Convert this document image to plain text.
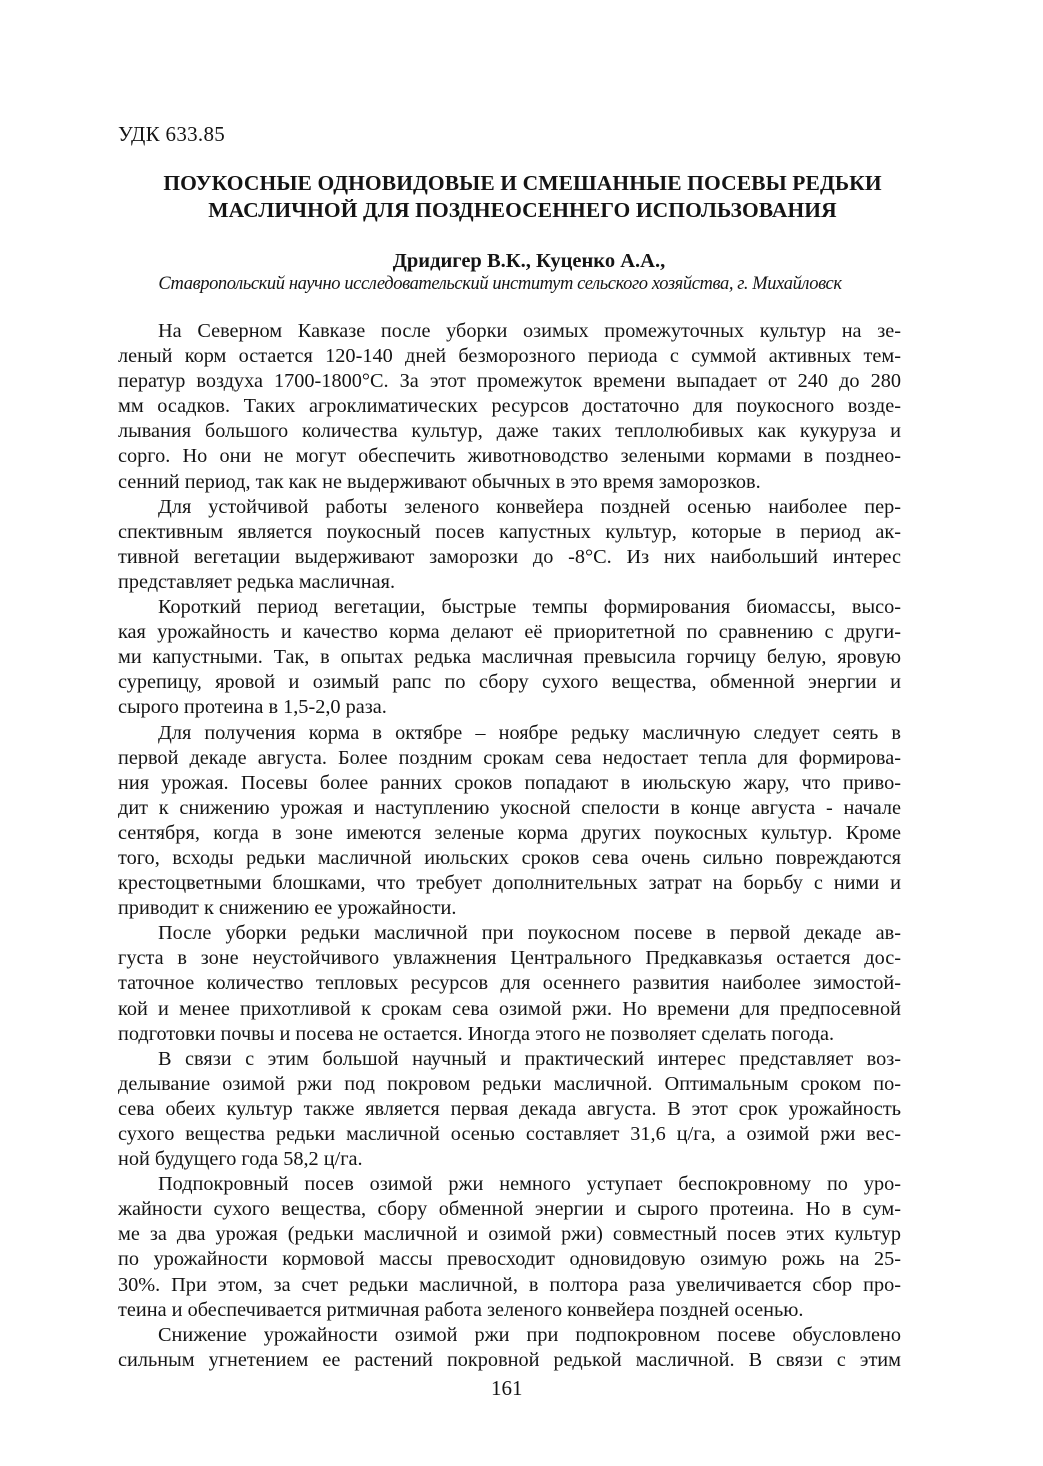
УДК 633.85
ПОУКОСНЫЕ ОДНОВИДОВЫЕ И СМЕШАННЫЕ ПОСЕВЫ РЕДЬКИ
МАСЛИЧНОЙ ДЛЯ ПОЗДНЕОСЕННЕГО ИСПОЛЬЗОВАНИЯ
Дридигер В.К., Куценко А.А.,
Ставропольский научно исследовательский институт сельского хозяйства, г. Михайловск
На Северном Кавказе после уборки озимых промежуточных культур на зе-
леный корм остается 120-140 дней безморозного периода с суммой активных тем-
ператур воздуха 1700-1800°С. За этот промежуток времени выпадает от 240 до 280
мм осадков. Таких агроклиматических ресурсов достаточно для поукосного возде-
лывания большого количества культур, даже таких теплолюбивых как кукуруза и
сорго. Но они не могут обеспечить животноводство зелеными кормами в позднео-
сенний период, так как не выдерживают обычных в это время заморозков.
Для устойчивой работы зеленого конвейера поздней осенью наиболее пер-
спективным является поукосный посев капустных культур, которые в период ак-
тивной вегетации выдерживают заморозки до -8°С. Из них наибольший интерес
представляет редька масличная.
Короткий период вегетации, быстрые темпы формирования биомассы, высо-
кая урожайность и качество корма делают её приоритетной по сравнению с други-
ми капустными. Так, в опытах редька масличная превысила горчицу белую, яровую
сурепицу, яровой и озимый рапс по сбору сухого вещества, обменной энергии и
сырого протеина в 1,5-2,0 раза.
Для получения корма в октябре – ноябре редьку масличную следует сеять в
первой декаде августа. Более поздним срокам сева недостает тепла для формирова-
ния урожая. Посевы более ранних сроков попадают в июльскую жару, что приво-
дит к снижению урожая и наступлению укосной спелости в конце августа - начале
сентября, когда в зоне имеются зеленые корма других поукосных культур. Кроме
того, всходы редьки масличной июльских сроков сева очень сильно повреждаются
крестоцветными блошками, что требует дополнительных затрат на борьбу с ними и
приводит к снижению ее урожайности.
После уборки редьки масличной при поукосном посеве в первой декаде ав-
густа в зоне неустойчивого увлажнения Центрального Предкавказья остается дос-
таточное количество тепловых ресурсов для осеннего развития наиболее зимостой-
кой и менее прихотливой к срокам сева озимой ржи. Но времени для предпосевной
подготовки почвы и посева не остается. Иногда этого не позволяет сделать погода.
В связи с этим большой научный и практический интерес представляет воз-
делывание озимой ржи под покровом редьки масличной. Оптимальным сроком по-
сева обеих культур также является первая декада августа. В этот срок урожайность
сухого вещества редьки масличной осенью составляет 31,6 ц/га, а озимой ржи вес-
ной будущего года 58,2 ц/га.
Подпокровный посев озимой ржи немного уступает беспокровному по уро-
жайности сухого вещества, сбору обменной энергии и сырого протеина. Но в сум-
ме за два урожая (редьки масличной и озимой ржи) совместный посев этих культур
по урожайности кормовой массы превосходит одновидовую озимую рожь на 25-
30%. При этом, за счет редьки масличной, в полтора раза увеличивается сбор про-
теина и обеспечивается ритмичная работа зеленого конвейера поздней осенью.
Снижение урожайности озимой ржи при подпокровном посеве обусловлено
сильным угнетением ее растений покровной редькой масличной. В связи с этим
161
